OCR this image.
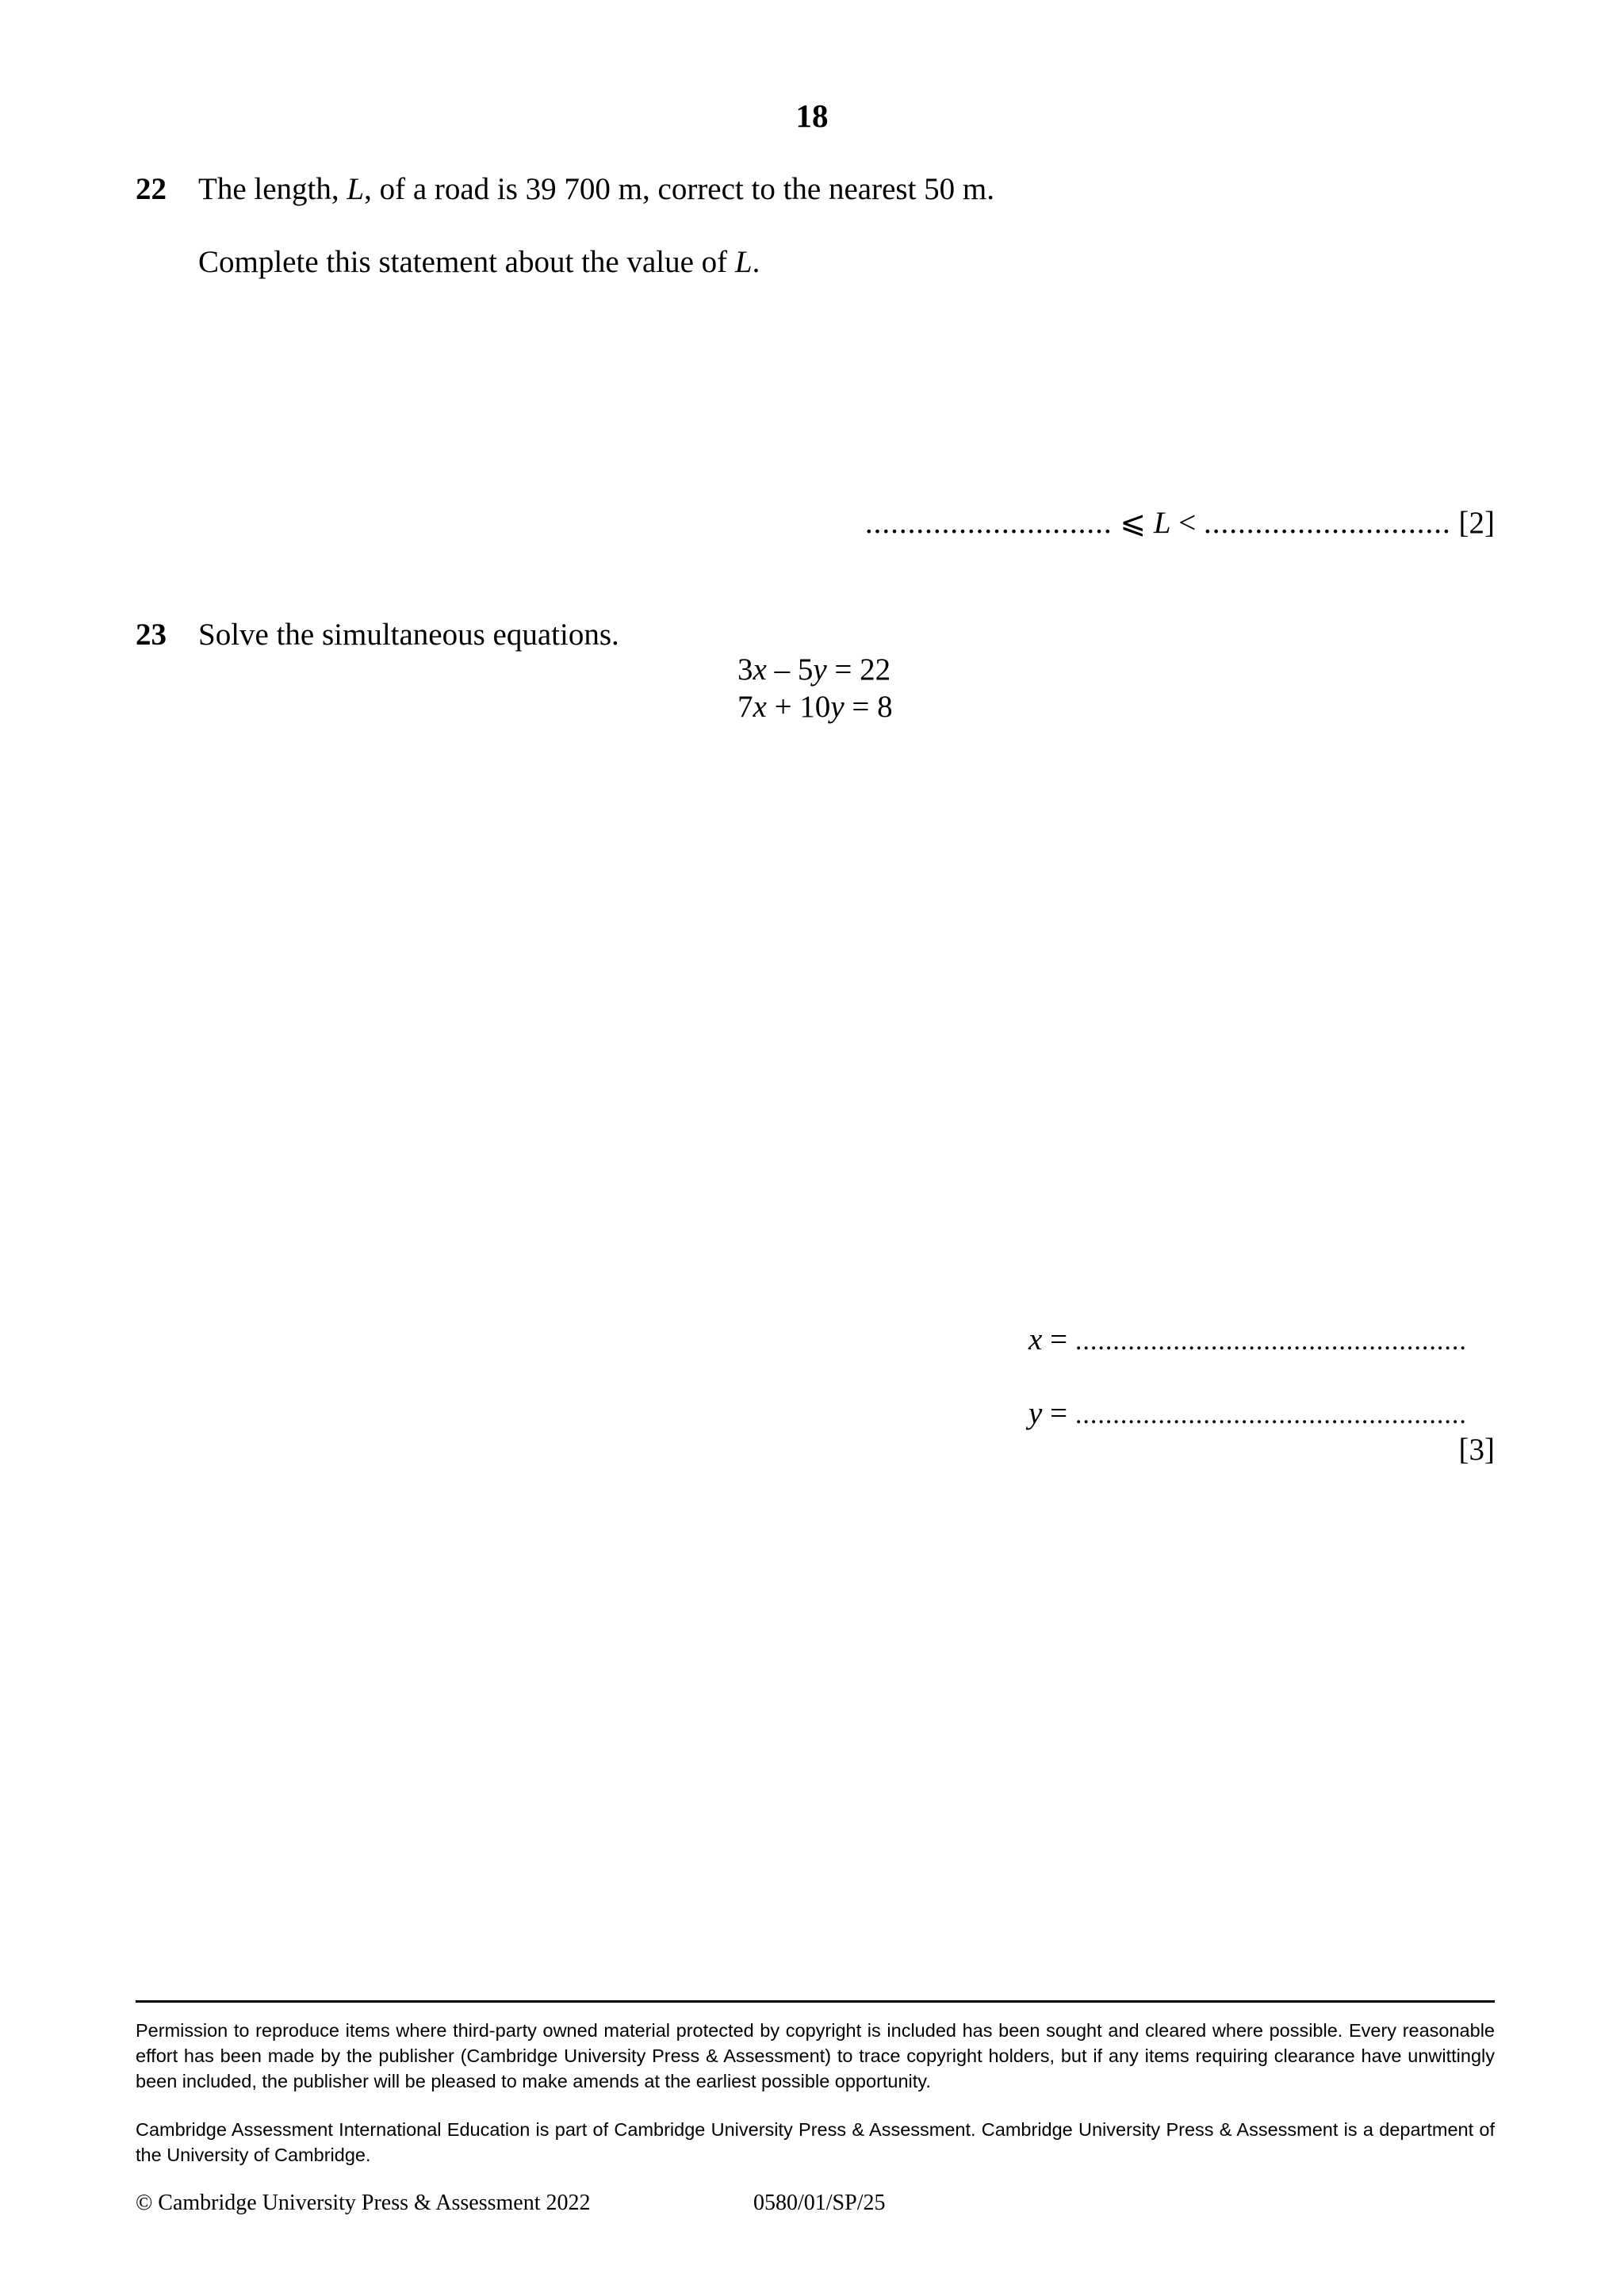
18
22 The length, L, of a road is 39 700 m, correct to the nearest 50 m.
Complete this statement about the value of L.
............................. ⩽ L < ............................. [2]
23 Solve the simultaneous equations.
3x – 5y = 22
7x + 10y = 8
x = ....................................................
y = ....................................................
[3]
Permission to reproduce items where third-party owned material protected by copyright is included has been sought and cleared where possible. Every reasonable effort has been made by the publisher (Cambridge University Press & Assessment) to trace copyright holders, but if any items requiring clearance have unwittingly been included, the publisher will be pleased to make amends at the earliest possible opportunity.
Cambridge Assessment International Education is part of Cambridge University Press & Assessment. Cambridge University Press & Assessment is a department of the University of Cambridge.
© Cambridge University Press & Assessment 2022	0580/01/SP/25
